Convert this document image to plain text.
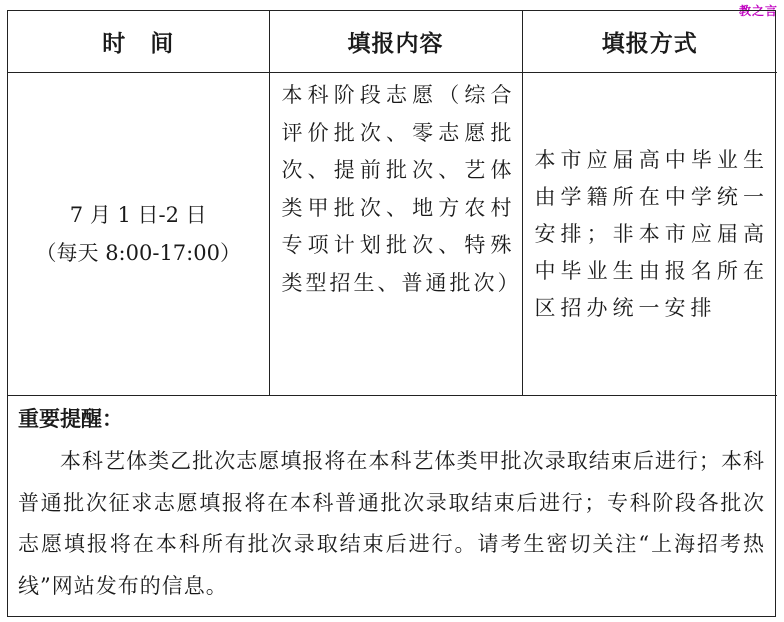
教之言
时　间	填报内容	填报方式

7 月 1 日-2 日
（每天 8:00-17:00）	本科阶段志愿（综合评价批次、零志愿批次、提前批次、艺体类甲批次、地方农村专项计划批次、特殊类型招生、普通批次）	本市应届高中毕业生由学籍所在中学统一安排；非本市应届高中毕业生由报名所在区招办统一安排

重要提醒：

本科艺体类乙批次志愿填报将在本科艺体类甲批次录取结束后进行；本科普通批次征求志愿填报将在本科普通批次录取结束后进行；专科阶段各批次志愿填报将在本科所有批次录取结束后进行。请考生密切关注“上海招考热线”网站发布的信息。
